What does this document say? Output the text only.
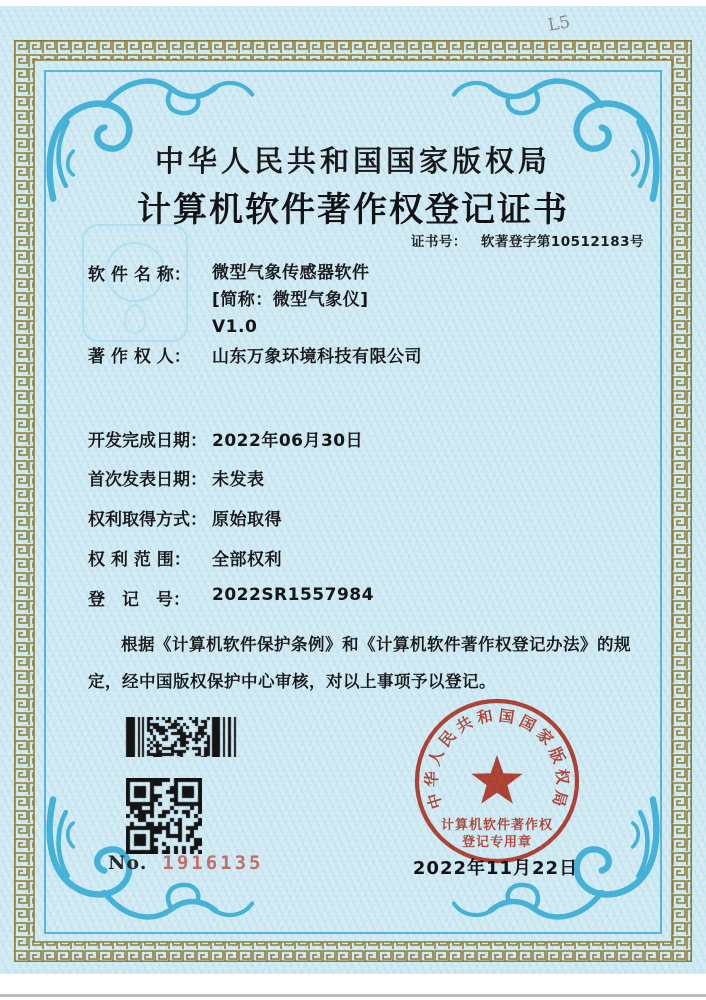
中华人民共和国国家版权局
计算机软件著作权登记证书
证书号： 软著登字第10512183号
软 件 名 称：	微型气象传感器软件
[简称：微型气象仪]
V1.0
著 作 权 人：	山东万象环境科技有限公司
开发完成日期： 2022年06月30日
首次发表日期： 未发表
权利取得方式： 原始取得
权 利 范 围：	全部权利
登　记　号：	2022SR1557984

根据《计算机软件保护条例》和《计算机软件著作权登记办法》的规定，经中国版权保护中心审核，对以上事项予以登记。

中华人民共和国国家版权局
计算机软件著作权
登记专用章
2022年11月22日
No. 1916135
L5
